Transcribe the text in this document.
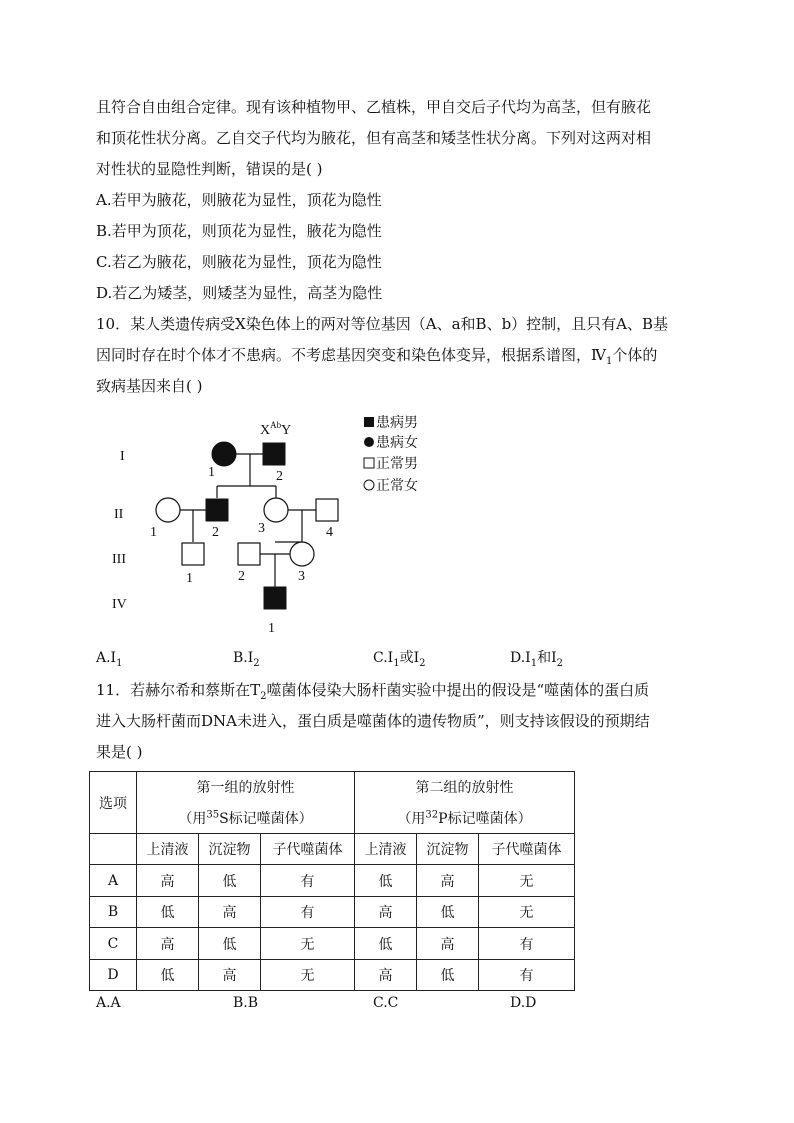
且符合自由组合定律。现有该种植物甲、乙植株，甲自交后子代均为高茎，但有腋花
和顶花性状分离。乙自交子代均为腋花，但有高茎和矮茎性状分离。下列对这两对相
对性状的显隐性判断，错误的是( )
A.若甲为腋花，则腋花为显性，顶花为隐性
B.若甲为顶花，则顶花为显性，腋花为隐性
C.若乙为腋花，则腋花为显性，顶花为隐性
D.若乙为矮茎，则矮茎为显性，高茎为隐性
10．某人类遗传病受X染色体上的两对等位基因（A、a和B、b）控制，且只有A、B基
因同时存在时个体才不患病。不考虑基因突变和染色体变异，根据系谱图，$Ⅳ_1$个体的
致病基因来自( )
$X^{Ab}Y$
I
II
III
IV
1	2
1	2	3	4
1	2	3
1
患病男
患病女
正常男
正常女
$A.I_1$	$B.I_2$	$C.I_1$或$I_2$	$D.I_1$和$I_2$
11．若赫尔希和蔡斯在$T_2$噬菌体侵染大肠杆菌实验中提出的假设是“噬菌体的蛋白质
进入大肠杆菌而DNA未进入，蛋白质是噬菌体的遗传物质”，则支持该假设的预期结
果是( )
选项	第一组的放射性			第二组的放射性		
	（用$^{35}$S标记噬菌体）			（用$^{32}$P标记噬菌体）		
	上清液	沉淀物	子代噬菌体	上清液	沉淀物	子代噬菌体
A	高	低	有	低	高	无
B	低	高	有	高	低	无
C	高	低	无	低	高	有
D	低	高	无	高	低	有
A.A	B.B	C.C	D.D
